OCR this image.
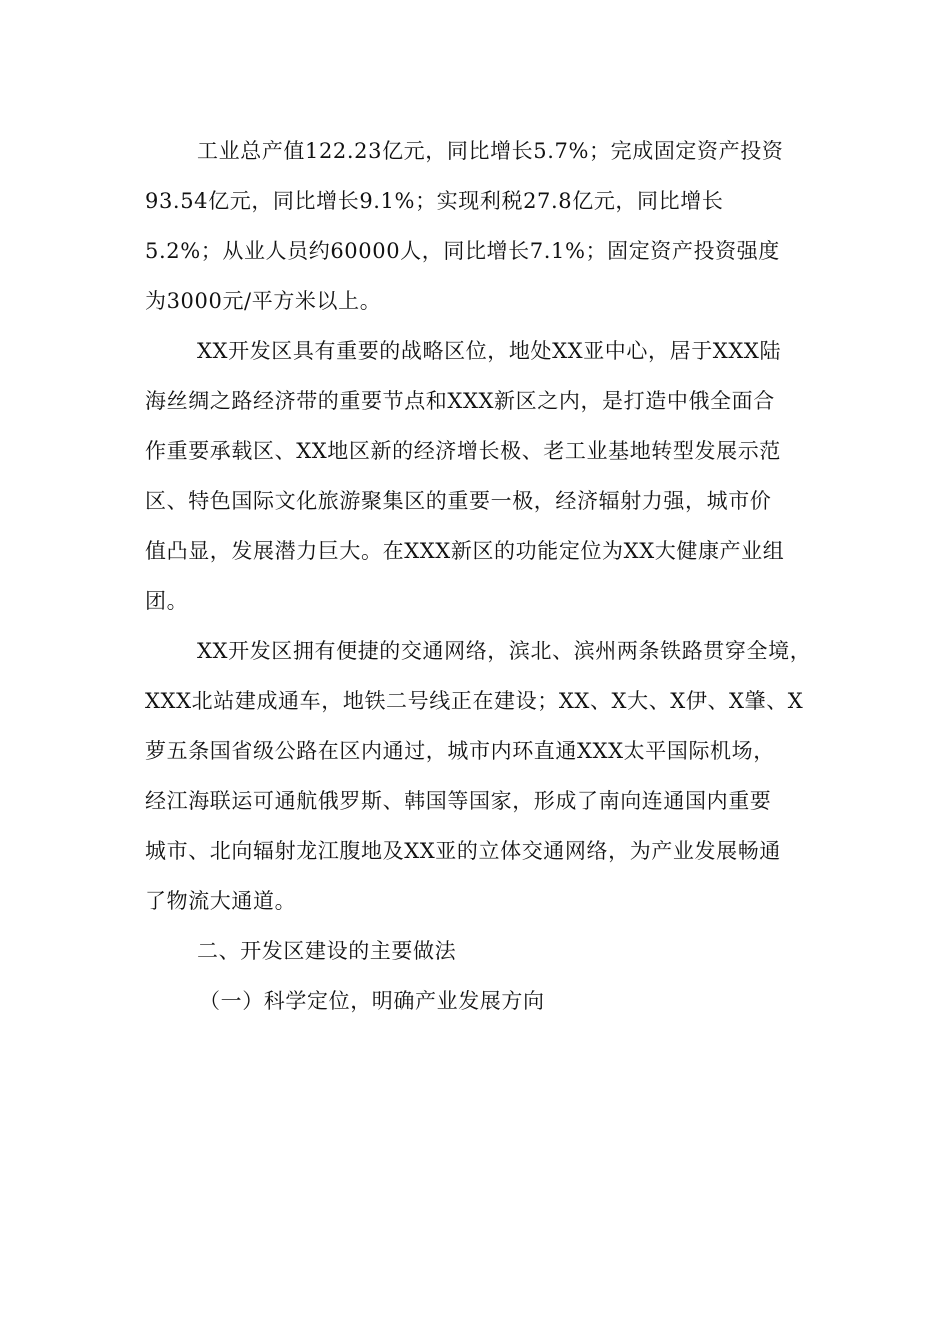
工业总产值122.23亿元，同比增长5.7%；完成固定资产投资
93.54亿元，同比增长9.1%；实现利税27.8亿元，同比增长
5.2%；从业人员约60000人，同比增长7.1%；固定资产投资强度
为3000元/平方米以上。
XX开发区具有重要的战略区位，地处XX亚中心，居于XXX陆
海丝绸之路经济带的重要节点和XXX新区之内，是打造中俄全面合
作重要承载区、XX地区新的经济增长极、老工业基地转型发展示范
区、特色国际文化旅游聚集区的重要一极，经济辐射力强，城市价
值凸显，发展潜力巨大。在XXX新区的功能定位为XX大健康产业组
团。
XX开发区拥有便捷的交通网络，滨北、滨州两条铁路贯穿全境，
XXX北站建成通车，地铁二号线正在建设；XX、X大、X伊、X肇、X
萝五条国省级公路在区内通过，城市内环直通XXX太平国际机场，
经江海联运可通航俄罗斯、韩国等国家，形成了南向连通国内重要
城市、北向辐射龙江腹地及XX亚的立体交通网络，为产业发展畅通
了物流大通道。
二、开发区建设的主要做法
（一）科学定位，明确产业发展方向
